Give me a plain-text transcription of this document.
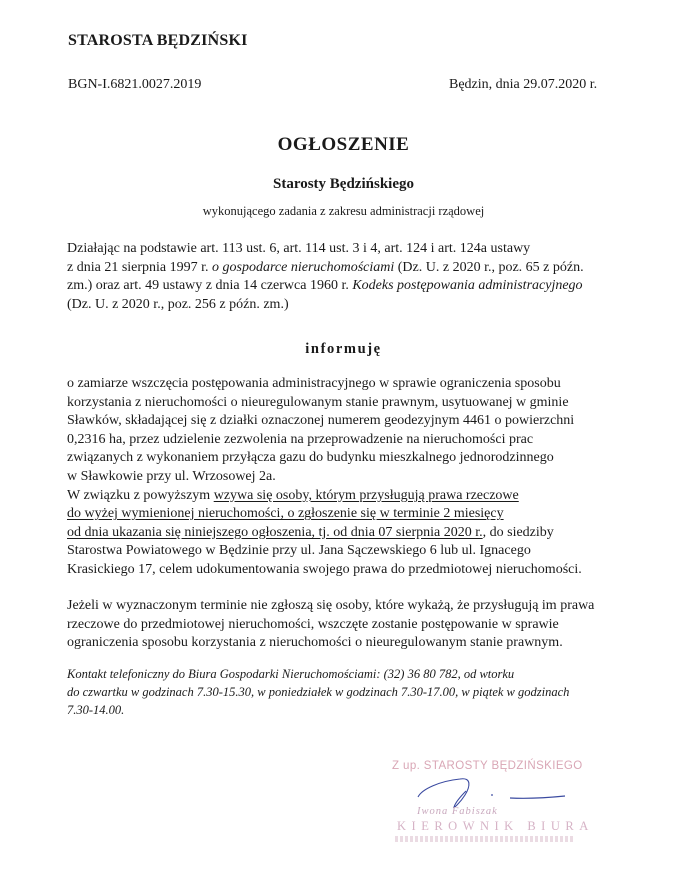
STAROSTA BĘDZIŃSKI
BGN-I.6821.0027.2019	Będzin, dnia 29.07.2020 r.
OGŁOSZENIE
Starosty Będzińskiego
wykonującego zadania z zakresu administracji rządowej
Działając na podstawie art. 113 ust. 6, art. 114 ust. 3 i 4, art. 124 i art. 124a ustawy
z dnia 21 sierpnia 1997 r. o gospodarce nieruchomościami (Dz. U. z 2020 r., poz. 65 z późn.
zm.) oraz art. 49 ustawy z dnia 14 czerwca 1960 r. Kodeks postępowania administracyjnego
(Dz. U. z 2020 r., poz. 256 z późn. zm.)
informuję
o zamiarze wszczęcia postępowania administracyjnego w sprawie ograniczenia sposobu
korzystania z nieruchomości o nieuregulowanym stanie prawnym, usytuowanej w gminie
Sławków, składającej się z działki oznaczonej numerem geodezyjnym 4461 o powierzchni
0,2316 ha, przez udzielenie zezwolenia na przeprowadzenie na nieruchomości prac
związanych z wykonaniem przyłącza gazu do budynku mieszkalnego jednorodzinnego
w Sławkowie przy ul. Wrzosowej 2a.
W związku z powyższym wzywa się osoby, którym przysługują prawa rzeczowe
do wyżej wymienionej nieruchomości, o zgłoszenie się w terminie 2 miesięcy
od dnia ukazania się niniejszego ogłoszenia, tj. od dnia 07 sierpnia 2020 r., do siedziby
Starostwa Powiatowego w Będzinie przy ul. Jana Sączewskiego 6 lub ul. Ignacego
Krasickiego 17, celem udokumentowania swojego prawa do przedmiotowej nieruchomości.
Jeżeli w wyznaczonym terminie nie zgłoszą się osoby, które wykażą, że przysługują im prawa
rzeczowe do przedmiotowej nieruchomości, wszczęte zostanie postępowanie w sprawie
ograniczenia sposobu korzystania z nieruchomości o nieuregulowanym stanie prawnym.
Kontakt telefoniczny do Biura Gospodarki Nieruchomościami: (32) 36 80 782, od wtorku
do czwartku w godzinach 7.30-15.30, w poniedziałek w godzinach 7.30-17.00, w piątek w godzinach
7.30-14.00.
Z up. STAROSTY BĘDZIŃSKIEGO
Iwona Fabiszak
KIEROWNIK BIURA
